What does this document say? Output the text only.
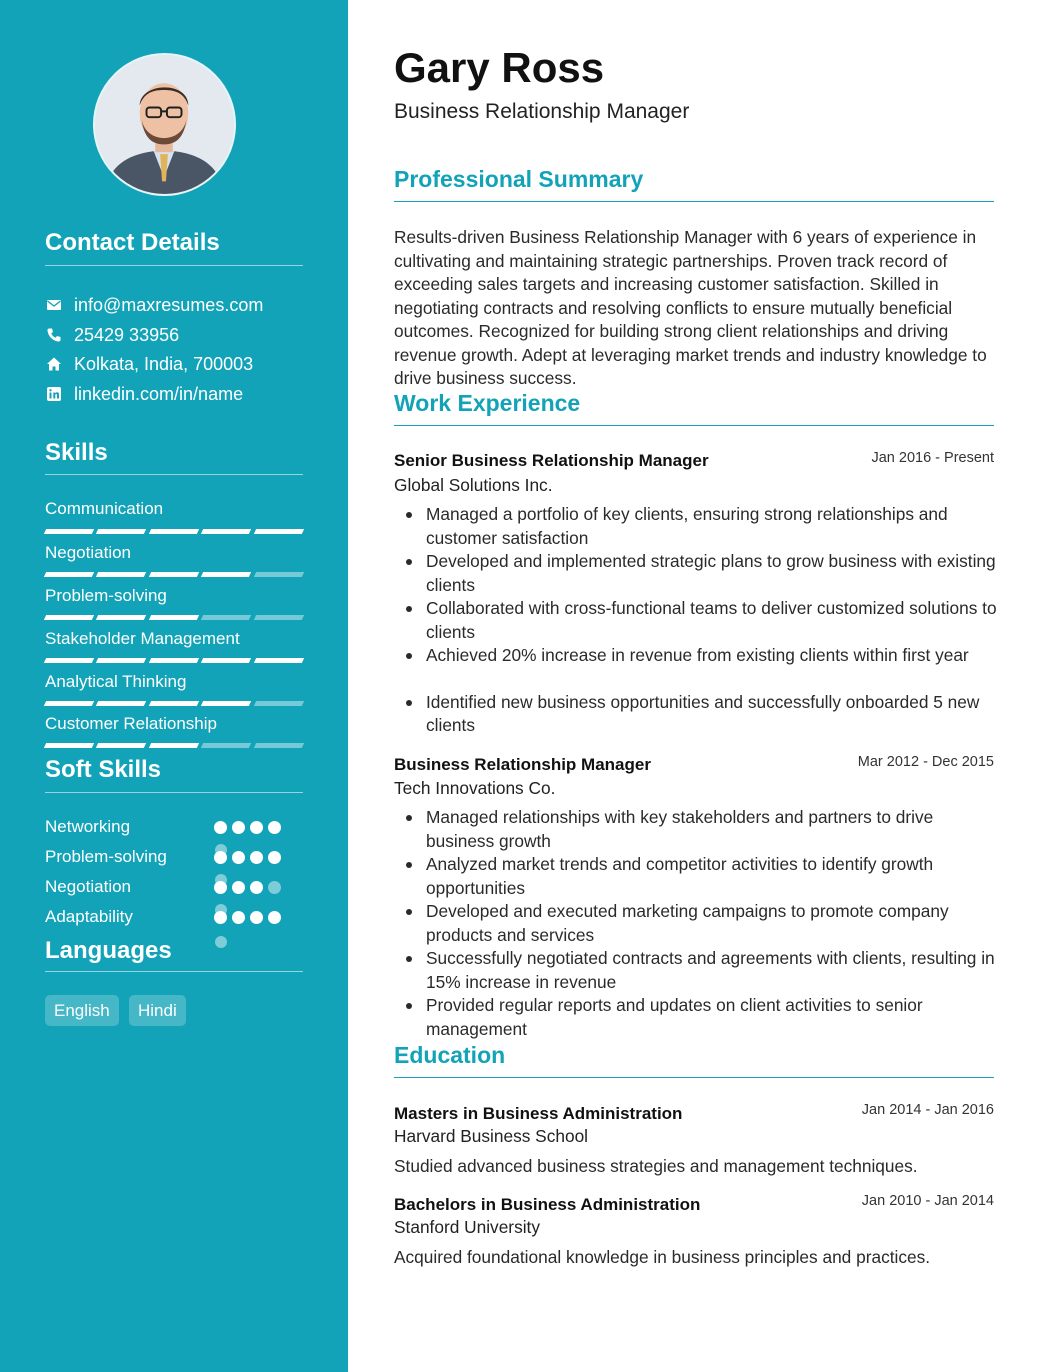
Contact Details
info@maxresumes.com
25429 33956
Kolkata, India, 700003
linkedin.com/in/name
Skills
Communication
Negotiation
Problem-solving
Stakeholder Management
Analytical Thinking
Customer Relationship
Soft Skills
Networking
Problem-solving
Negotiation
Adaptability
Languages
English	Hindi
Gary Ross
Business Relationship Manager
Professional Summary
Results-driven Business Relationship Manager with 6 years of experience in cultivating and maintaining strategic partnerships. Proven track record of exceeding sales targets and increasing customer satisfaction. Skilled in negotiating contracts and resolving conflicts to ensure mutually beneficial outcomes. Recognized for building strong client relationships and driving revenue growth. Adept at leveraging market trends and industry knowledge to drive business success.
Work Experience
Senior Business Relationship Manager	Jan 2016 - Present
Global Solutions Inc.
Managed a portfolio of key clients, ensuring strong relationships and customer satisfaction
Developed and implemented strategic plans to grow business with existing clients
Collaborated with cross-functional teams to deliver customized solutions to clients
Achieved 20% increase in revenue from existing clients within first year
Identified new business opportunities and successfully onboarded 5 new clients
Business Relationship Manager	Mar 2012 - Dec 2015
Tech Innovations Co.
Managed relationships with key stakeholders and partners to drive business growth
Analyzed market trends and competitor activities to identify growth opportunities
Developed and executed marketing campaigns to promote company products and services
Successfully negotiated contracts and agreements with clients, resulting in 15% increase in revenue
Provided regular reports and updates on client activities to senior management
Education
Masters in Business Administration	Jan 2014 - Jan 2016
Harvard Business School
Studied advanced business strategies and management techniques.
Bachelors in Business Administration	Jan 2010 - Jan 2014
Stanford University
Acquired foundational knowledge in business principles and practices.
